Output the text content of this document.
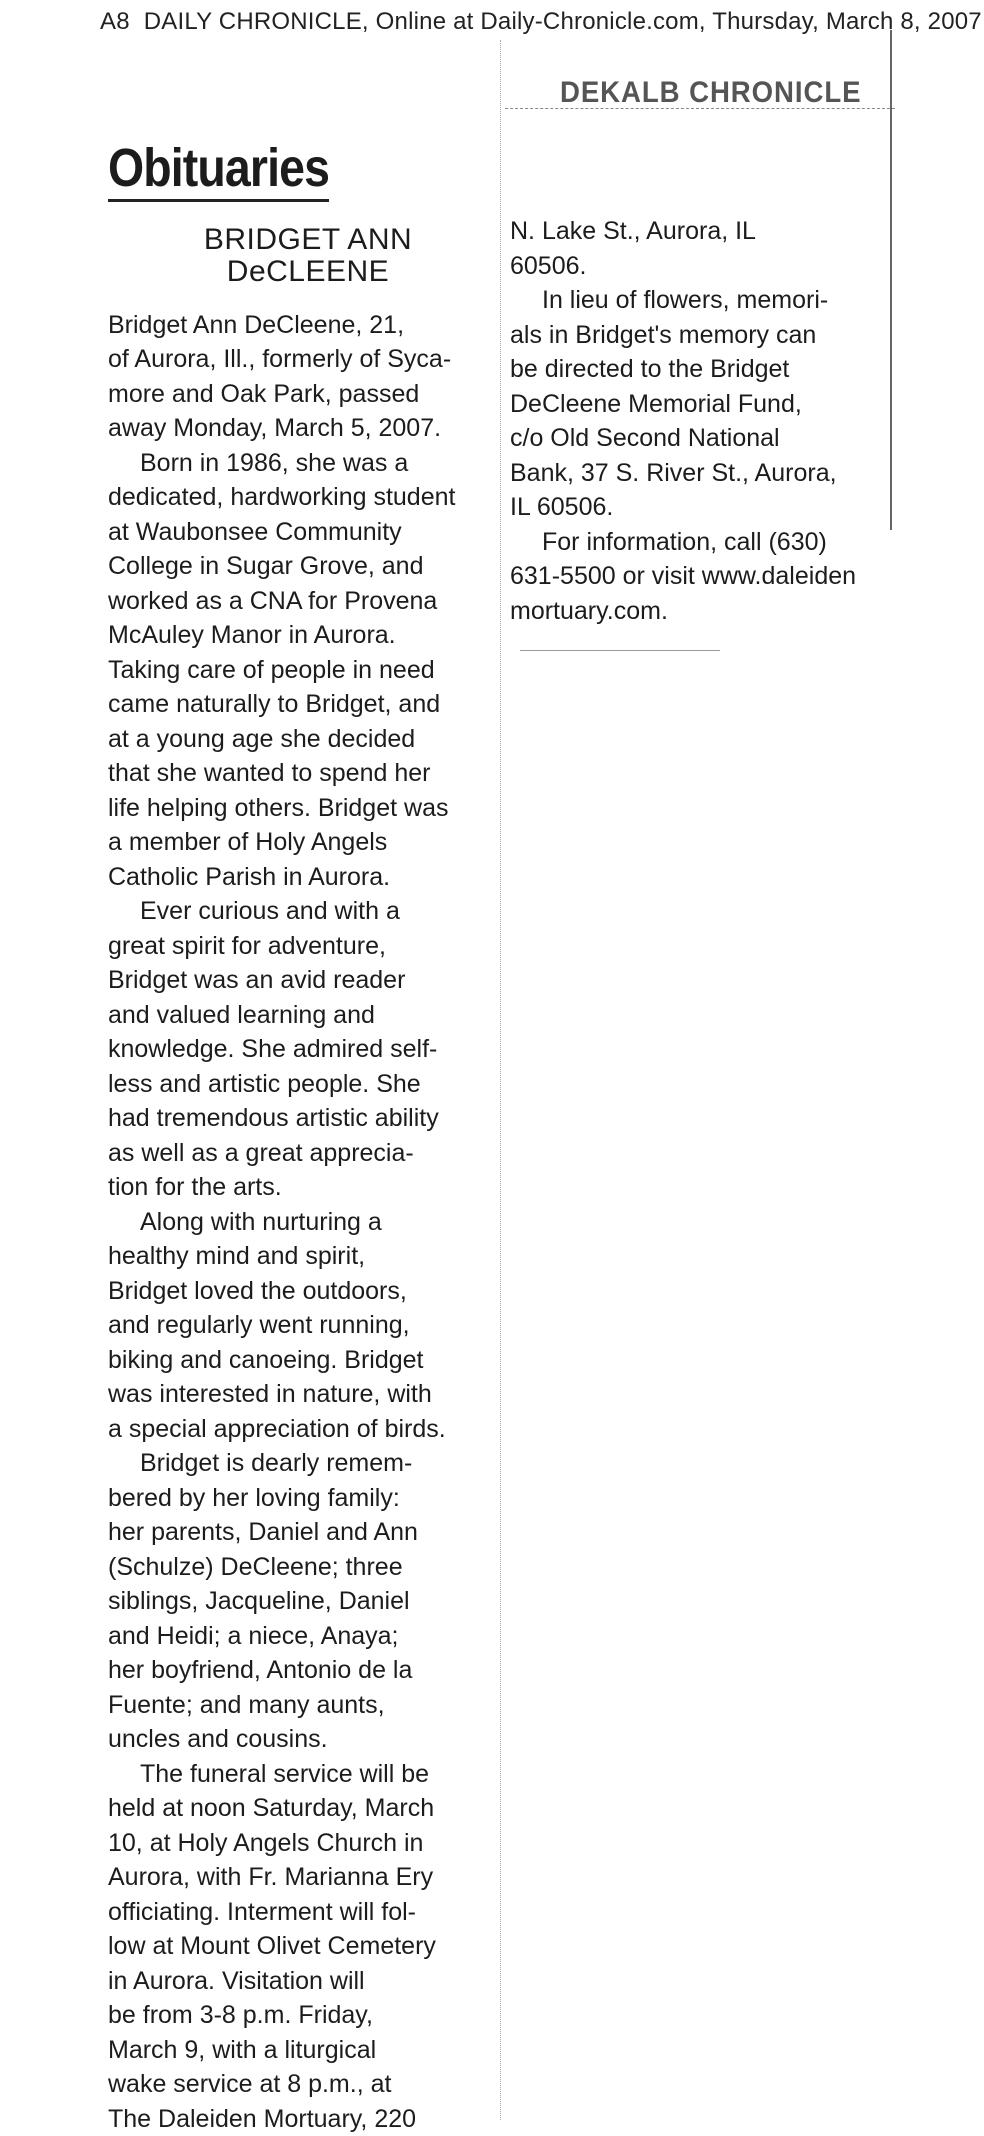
A8 DAILY CHRONICLE, Online at Daily-Chronicle.com, Thursday, March 8, 2007
DEKALB CHRONICLE
Obituaries
BRIDGET ANN
DeCLEENE

Bridget Ann DeCleene, 21,
of Aurora, Ill., formerly of Syca-
more and Oak Park, passed
away Monday, March 5, 2007.

Born in 1986, she was a
dedicated, hardworking student
at Waubonsee Community
College in Sugar Grove, and
worked as a CNA for Provena
McAuley Manor in Aurora.
Taking care of people in need
came naturally to Bridget, and
at a young age she decided
that she wanted to spend her
life helping others. Bridget was
a member of Holy Angels
Catholic Parish in Aurora.

Ever curious and with a
great spirit for adventure,
Bridget was an avid reader
and valued learning and
knowledge. She admired self-
less and artistic people. She
had tremendous artistic ability
as well as a great apprecia-
tion for the arts.

Along with nurturing a
healthy mind and spirit,
Bridget loved the outdoors,
and regularly went running,
biking and canoeing. Bridget
was interested in nature, with
a special appreciation of birds.

Bridget is dearly remem-
bered by her loving family:
her parents, Daniel and Ann
(Schulze) DeCleene; three
siblings, Jacqueline, Daniel
and Heidi; a niece, Anaya;
her boyfriend, Antonio de la
Fuente; and many aunts,
uncles and cousins.

The funeral service will be
held at noon Saturday, March
10, at Holy Angels Church in
Aurora, with Fr. Marianna Ery
officiating. Interment will fol-
low at Mount Olivet Cemetery
in Aurora. Visitation will
be from 3-8 p.m. Friday,
March 9, with a liturgical
wake service at 8 p.m., at
The Daleiden Mortuary, 220

N. Lake St., Aurora, IL
60506.

In lieu of flowers, memori-
als in Bridget's memory can
be directed to the Bridget
DeCleene Memorial Fund,
c/o Old Second National
Bank, 37 S. River St., Aurora,
IL 60506.

For information, call (630)
631-5500 or visit www.daleiden
mortuary.com.
